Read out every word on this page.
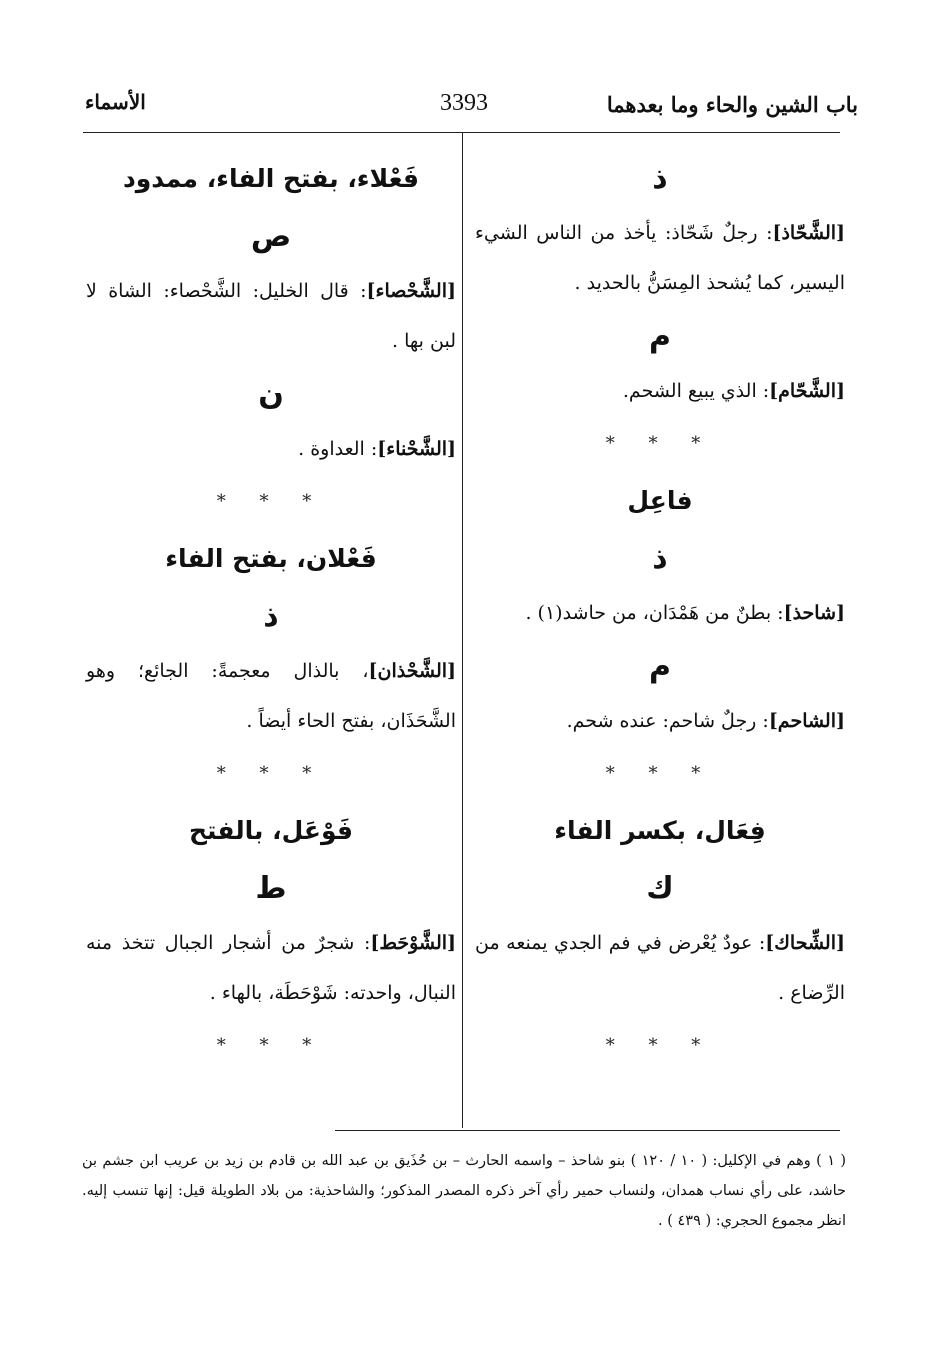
باب الشين والحاء وما بعدهما
3393
الأسماء
ذ
[الشَّحّاذ]: رجلٌ شَحّاذ: يأخذ من الناس الشيء اليسير، كما يُشحذ المِسَنُّ بالحديد .
م
[الشَّحّام]: الذي يبيع الشحم.
* * *
فاعِل
ذ
[شاحذ]: بطنٌ من هَمْدَان، من حاشد(١) .
م
[الشاحم]: رجلٌ شاحم: عنده شحم.
* * *
فِعَال، بكسر الفاء
ك
[الشِّحاك]: عودٌ يُعْرض في فم الجدي يمنعه من الرِّضاع .
* * *
فَعْلاء، بفتح الفاء، ممدود
ص
[الشَّحْصاء]: قال الخليل: الشَّحْصاء: الشاة لا لبن بها .
ن
[الشَّحْناء]: العداوة .
* * *
فَعْلان، بفتح الفاء
ذ
[الشَّحْذان]، بالذال معجمةً: الجائع؛ وهو الشَّحَذَان، بفتح الحاء أيضاً .
* * *
فَوْعَل، بالفتح
ط
[الشَّوْحَط]: شجرٌ من أشجار الجبال تتخذ منه النبال، واحدته: شَوْحَطَة، بالهاء .
* * *
( ١ ) وهم في الإكليل: ( ١٠ / ١٢٠ ) بنو شاحذ – واسمه الحارث – بن حُذَيق بن عبد الله بن قادم بن زيد بن عريب ابن جشم بن حاشد، على رأي نساب همدان، ولنساب حمير رأي آخر ذكره المصدر المذكور؛ والشاحذية: من بلاد الطويلة قيل: إنها تنسب إليه. انظر مجموع الحجري: ( ٤٣٩ ) .
